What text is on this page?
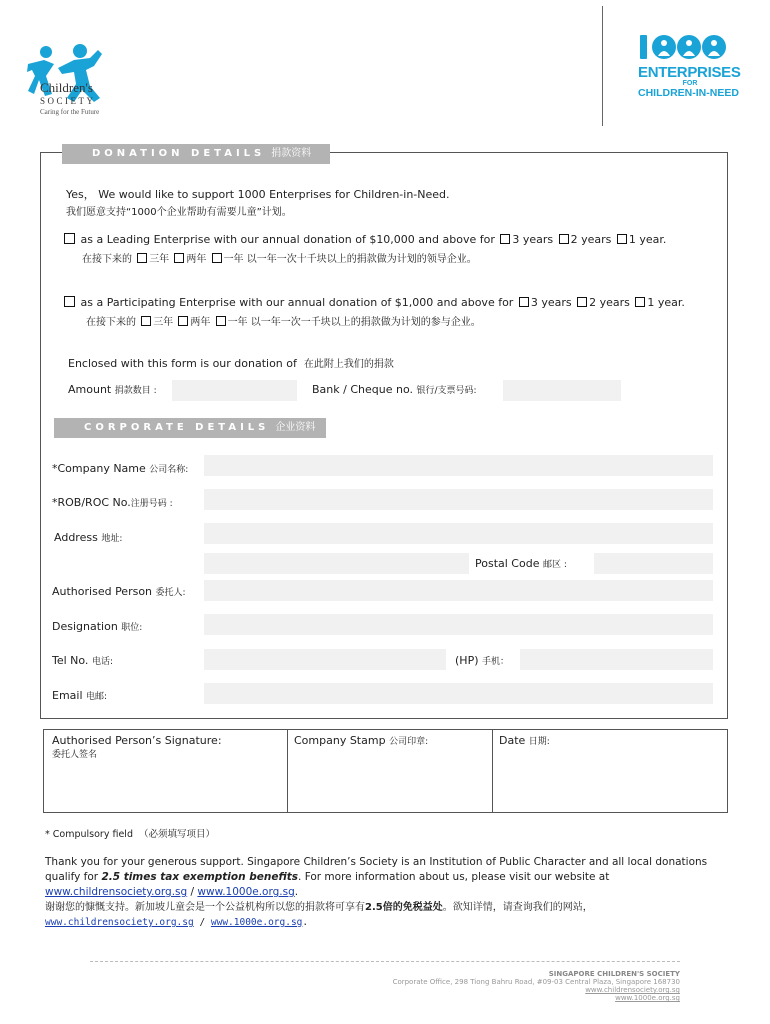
Children's
SOCIETY
Caring for the Future
ENTERPRISES
FOR
CHILDREN-IN-NEED
DONATION DETAILS 捐款资料
Yes， We would like to support 1000 Enterprises for Children-in-Need.
我们愿意支持“1000个企业帮助有需要儿童”计划。
as a Leading Enterprise with our annual donation of $10,000 and above for 3 years 2 years 1 year.
在接下来的 三年 两年 一年 以一年一次十千块以上的捐款做为计划的领导企业。
as a Participating Enterprise with our annual donation of $1,000 and above for 3 years 2 years 1 year.
在接下来的 三年 两年 一年 以一年一次一千块以上的捐款做为计划的参与企业。
Enclosed with this form is our donation of 在此附上我们的捐款
Amount 捐款数目 :	Bank / Cheque no. 银行/支票号码:
CORPORATE DETAILS 企业资料
*Company Name 公司名称:
*ROB/ROC No.注册号码 :
Address 地址:
Postal Code 邮区 :
Authorised Person 委托人:
Designation 职位:
Tel No. 电话:	(HP) 手机：
Email 电邮:
Authorised Person’s Signature:
委托人签名
Company Stamp 公司印章:	Date 日期:
* Compulsory field （必须填写项目）
Thank you for your generous support. Singapore Children’s Society is an Institution of Public Character and all local donations
qualify for 2.5 times tax exemption benefits. For more information about us, please visit our website at
www.childrensociety.org.sg / www.1000e.org.sg.
谢谢您的慷慨支持。新加坡儿童会是一个公益机构所以您的捐款将可享有2.5倍的免税益处。欲知详情，请查询我们的网站，
www.childrensociety.org.sg / www.1000e.org.sg.
SINGAPORE CHILDREN'S SOCIETY
Corporate Office, 298 Tiong Bahru Road, #09-03 Central Plaza, Singapore 168730
www.childrensociety.org.sg
www.1000e.org.sg
